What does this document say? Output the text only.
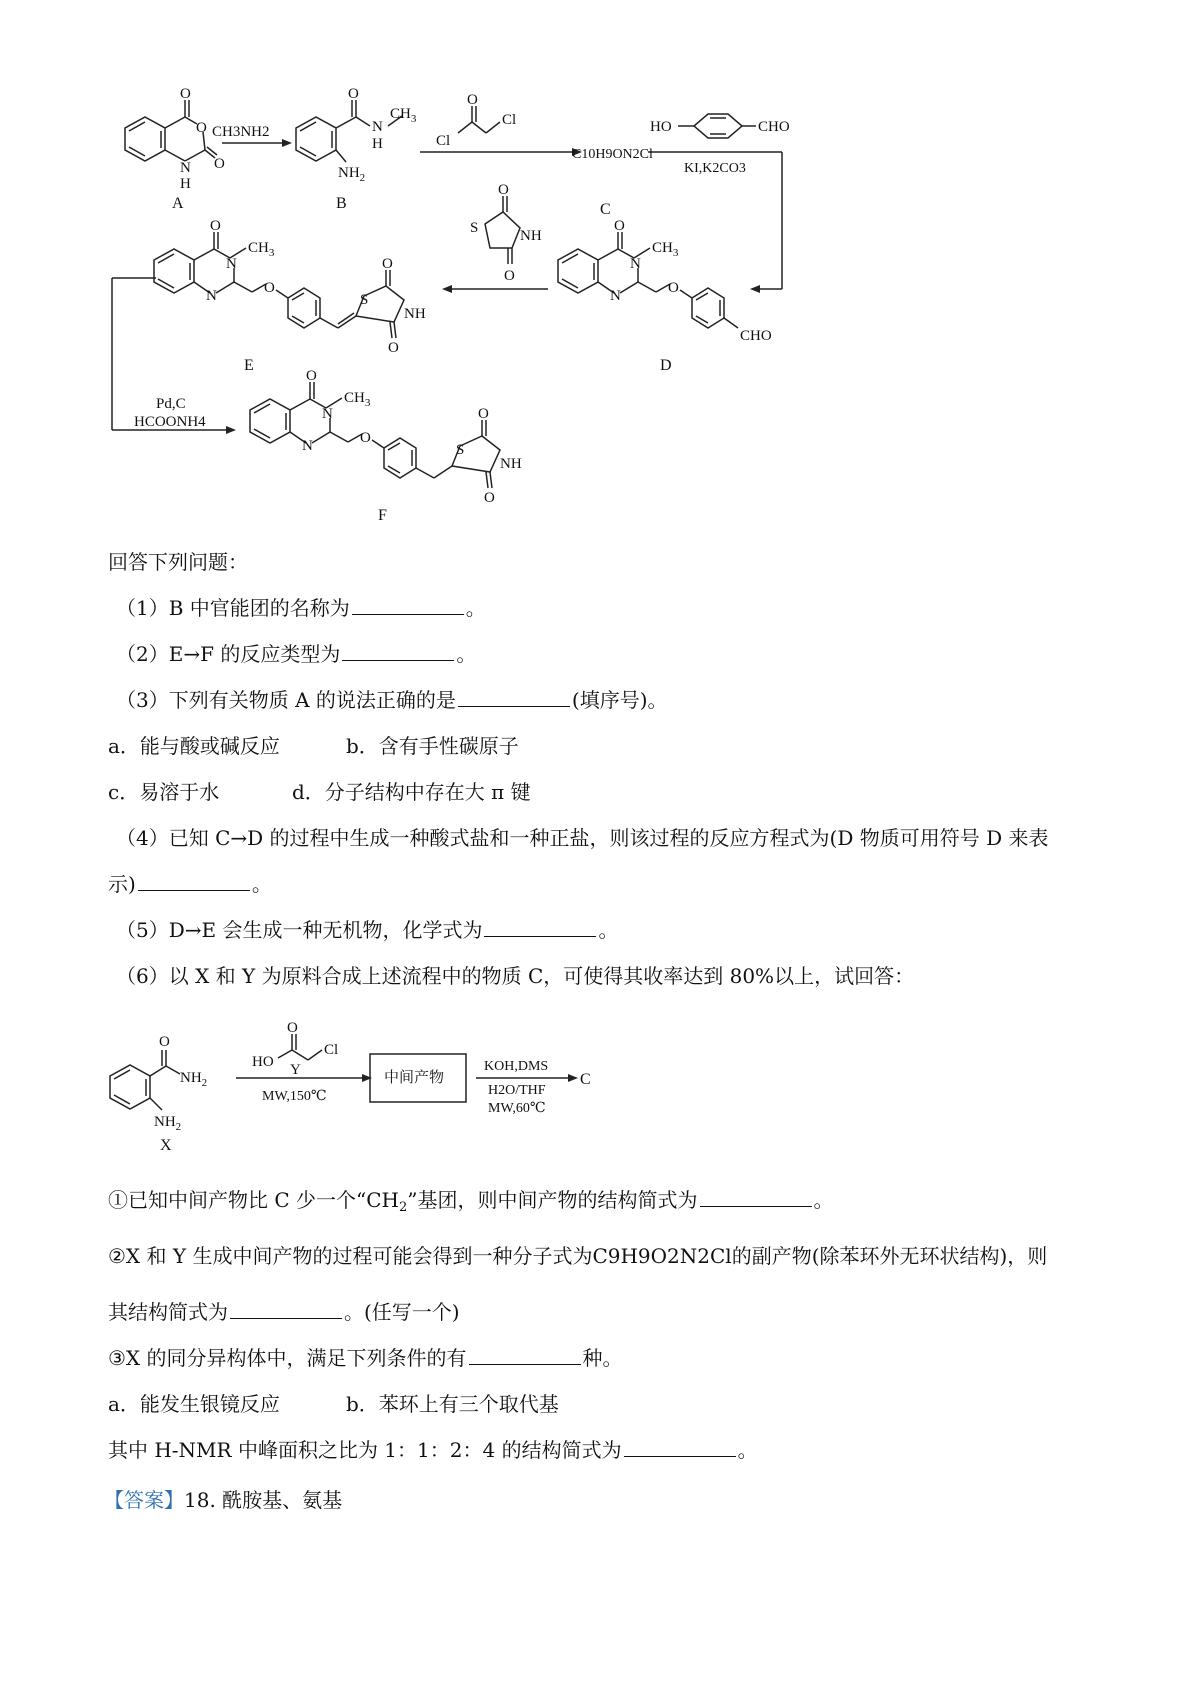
O
O
O
N
H
A
O
N
H
$CH_3$
$NH_2$
B
CH3NH2
O
Cl
Cl
C10H9ON2Cl
C
HO	CHO
KI,K2CO3
O
S	NH
O
O
N
$CH_3$
N	O
CHO
D
O
N
$CH_3$
N	O
S
O
NH
O
E
Pd,C
HCOONH4
O
N
$CH_3$
N	O
S
O
NH
O
F
回答下列问题：
（1）B 中官能团的名称为	。
（2）E→F 的反应类型为	。
（3）下列有关物质 A 的说法正确的是	(填序号)。
a．能与酸或碱反应	b．含有手性碳原子
c．易溶于水	d．分子结构中存在大 π 键
（4）已知 C→D 的过程中生成一种酸式盐和一种正盐，则该过程的反应方程式为(D 物质可用符号 D 来表
示)	。
（5）D→E 会生成一种无机物，化学式为	。
（6）以 X 和 Y 为原料合成上述流程中的物质 C，可使得其收率达到 80%以上，试回答：
O
$NH_2$
$NH_2$
X
HO
O
Cl
Y
MW,150℃
中间产物
KOH,DMS
H2O/THF
MW,60℃
C
①已知中间产物比 C 少一个“$CH_2$”基团，则中间产物的结构简式为	。
②X 和 Y 生成中间产物的过程可能会得到一种分子式为C9H9O2N2Cl的副产物(除苯环外无环状结构)，则
其结构简式为	。(任写一个)
③X 的同分异构体中，满足下列条件的有	种。
a．能发生银镜反应	b．苯环上有三个取代基
其中 H-NMR 中峰面积之比为 1：1：2：4 的结构简式为	。
【答案】18. 酰胺基、氨基
